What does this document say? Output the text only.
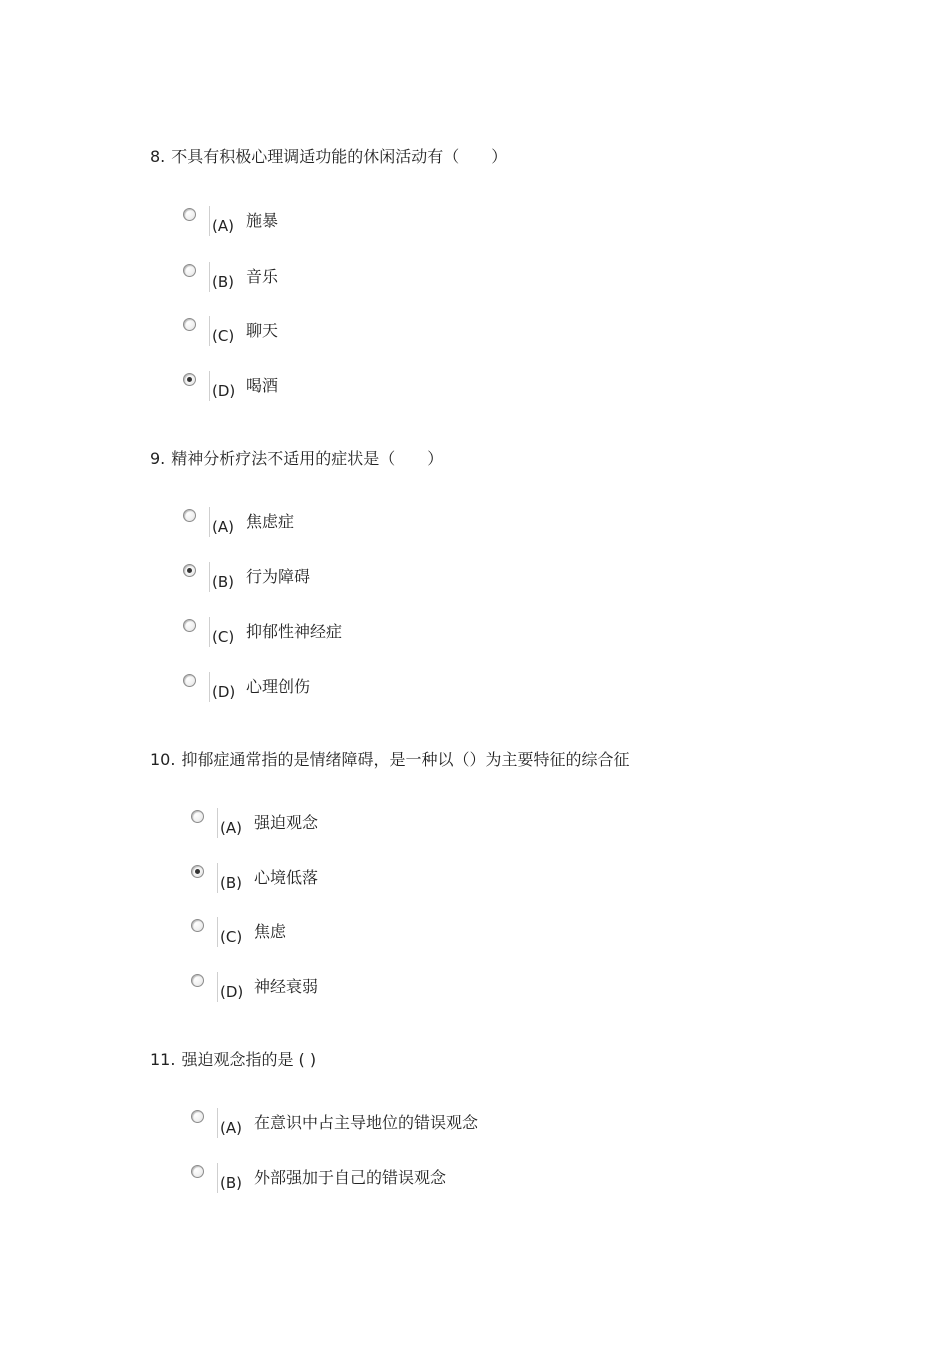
8. 不具有积极心理调适功能的休闲活动有（　　）
(A) 施暴
(B) 音乐
(C) 聊天
(D) 喝酒
9. 精神分析疗法不适用的症状是（　　）
(A) 焦虑症
(B) 行为障碍
(C) 抑郁性神经症
(D) 心理创伤
10. 抑郁症通常指的是情绪障碍，是一种以（）为主要特征的综合征
(A) 强迫观念
(B) 心境低落
(C) 焦虑
(D) 神经衰弱
11. 强迫观念指的是 ( )
(A) 在意识中占主导地位的错误观念
(B) 外部强加于自己的错误观念
